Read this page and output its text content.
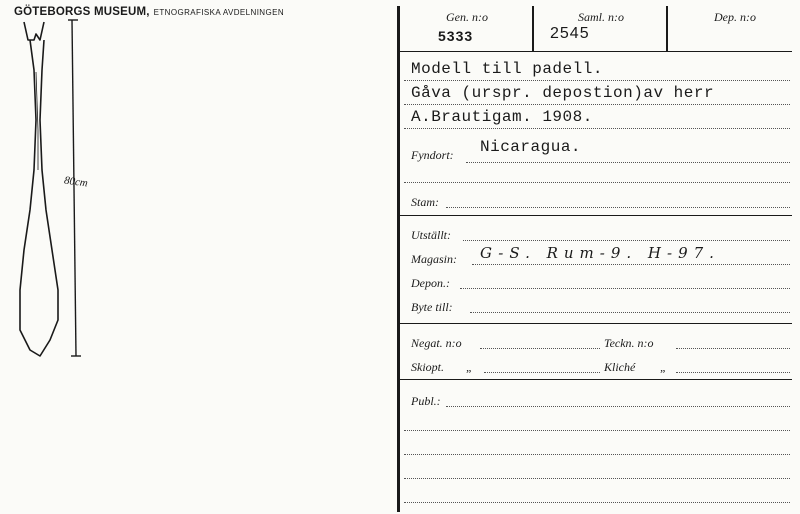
GÖTEBORGS MUSEUM, ETNOGRAFISKA AVDELNINGEN
80cm
Gen. n:o
5333
Saml. n:o
2545
Dep. n:o
Modell till padell.
Gåva (urspr. depostion)av herr
A.Brautigam. 1908.
Fyndort: Nicaragua.
Stam:
Utställt:
Magasin: G-S. Rum-9. H-97.
Depon.:
Byte till:
Negat. n:o	Teckn. n:o
Skiopt. „	Kliché „
Publ.:
